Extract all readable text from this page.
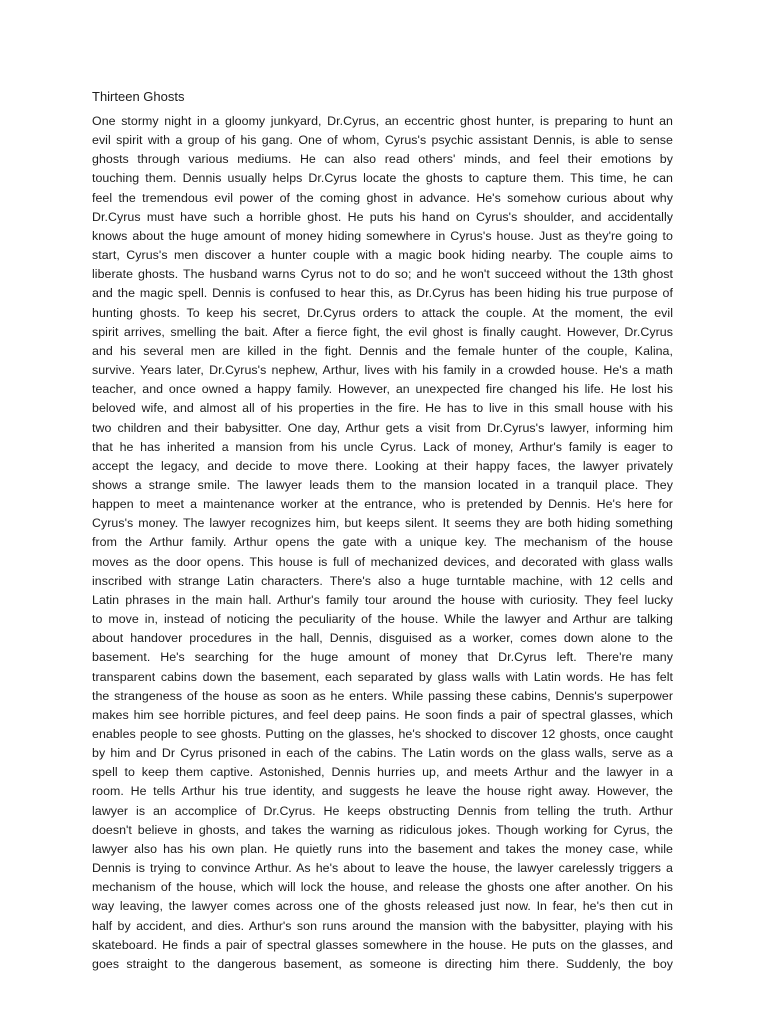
Thirteen Ghosts
One stormy night in a gloomy junkyard, Dr.Cyrus, an eccentric ghost hunter, is preparing to hunt an
evil spirit with a group of his gang. One of whom, Cyrus's psychic assistant Dennis, is able to sense
ghosts through various mediums. He can also read others' minds, and feel their emotions by
touching them. Dennis usually helps Dr.Cyrus locate the ghosts to capture them. This time, he can
feel the tremendous evil power of the coming ghost in advance. He's somehow curious about why
Dr.Cyrus must have such a horrible ghost. He puts his hand on Cyrus's shoulder, and accidentally
knows about the huge amount of money hiding somewhere in Cyrus's house. Just as they're going to
start, Cyrus's men discover a hunter couple with a magic book hiding nearby. The couple aims to
liberate ghosts. The husband warns Cyrus not to do so; and he won't succeed without the 13th ghost
and the magic spell. Dennis is confused to hear this, as Dr.Cyrus has been hiding his true purpose of
hunting ghosts. To keep his secret, Dr.Cyrus orders to attack the couple. At the moment, the evil
spirit arrives, smelling the bait. After a fierce fight, the evil ghost is finally caught. However, Dr.Cyrus
and his several men are killed in the fight. Dennis and the female hunter of the couple, Kalina,
survive. Years later, Dr.Cyrus's nephew, Arthur, lives with his family in a crowded house. He's a math
teacher, and once owned a happy family. However, an unexpected fire changed his life. He lost his
beloved wife, and almost all of his properties in the fire. He has to live in this small house with his
two children and their babysitter. One day, Arthur gets a visit from Dr.Cyrus's lawyer, informing him
that he has inherited a mansion from his uncle Cyrus. Lack of money, Arthur's family is eager to
accept the legacy, and decide to move there. Looking at their happy faces, the lawyer privately
shows a strange smile. The lawyer leads them to the mansion located in a tranquil place. They
happen to meet a maintenance worker at the entrance, who is pretended by Dennis. He's here for
Cyrus's money. The lawyer recognizes him, but keeps silent. It seems they are both hiding something
from the Arthur family. Arthur opens the gate with a unique key. The mechanism of the house
moves as the door opens. This house is full of mechanized devices, and decorated with glass walls
inscribed with strange Latin characters. There's also a huge turntable machine, with 12 cells and
Latin phrases in the main hall. Arthur's family tour around the house with curiosity. They feel lucky
to move in, instead of noticing the peculiarity of the house. While the lawyer and Arthur are talking
about handover procedures in the hall, Dennis, disguised as a worker, comes down alone to the
basement. He's searching for the huge amount of money that Dr.Cyrus left. There're many
transparent cabins down the basement, each separated by glass walls with Latin words. He has felt
the strangeness of the house as soon as he enters. While passing these cabins, Dennis's superpower
makes him see horrible pictures, and feel deep pains. He soon finds a pair of spectral glasses, which
enables people to see ghosts. Putting on the glasses, he's shocked to discover 12 ghosts, once caught
by him and Dr Cyrus prisoned in each of the cabins. The Latin words on the glass walls, serve as a
spell to keep them captive. Astonished, Dennis hurries up, and meets Arthur and the lawyer in a
room. He tells Arthur his true identity, and suggests he leave the house right away. However, the
lawyer is an accomplice of Dr.Cyrus. He keeps obstructing Dennis from telling the truth. Arthur
doesn't believe in ghosts, and takes the warning as ridiculous jokes. Though working for Cyrus, the
lawyer also has his own plan. He quietly runs into the basement and takes the money case, while
Dennis is trying to convince Arthur. As he's about to leave the house, the lawyer carelessly triggers a
mechanism of the house, which will lock the house, and release the ghosts one after another. On his
way leaving, the lawyer comes across one of the ghosts released just now. In fear, he's then cut in
half by accident, and dies. Arthur's son runs around the mansion with the babysitter, playing with his
skateboard. He finds a pair of spectral glasses somewhere in the house. He puts on the glasses, and
goes straight to the dangerous basement, as someone is directing him there. Suddenly, the boy
